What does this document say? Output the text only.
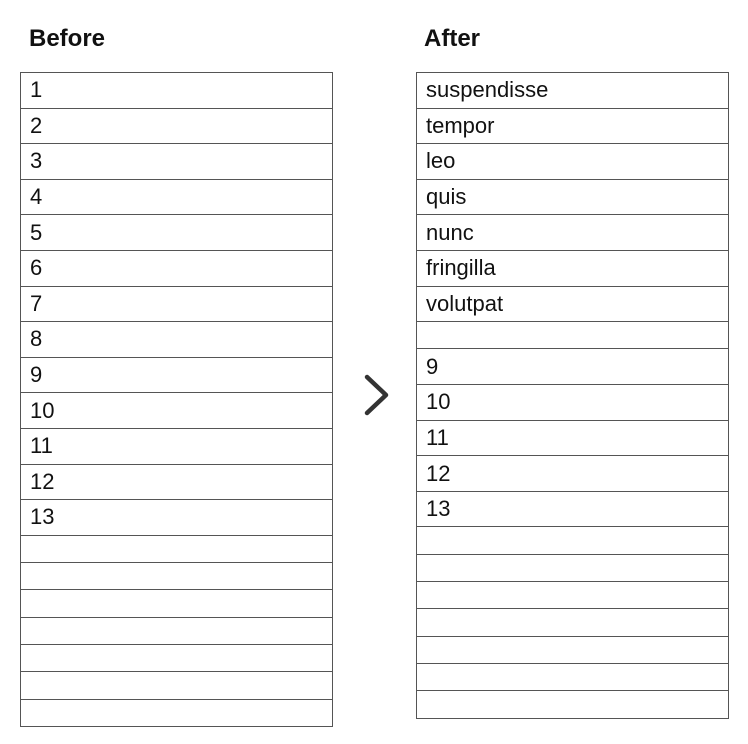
Before	After
1
2
3
4
5
6
7
8
9
10
11
12
13
suspendisse
tempor
leo
quis
nunc
fringilla
volutpat
9
10
11
12
13
